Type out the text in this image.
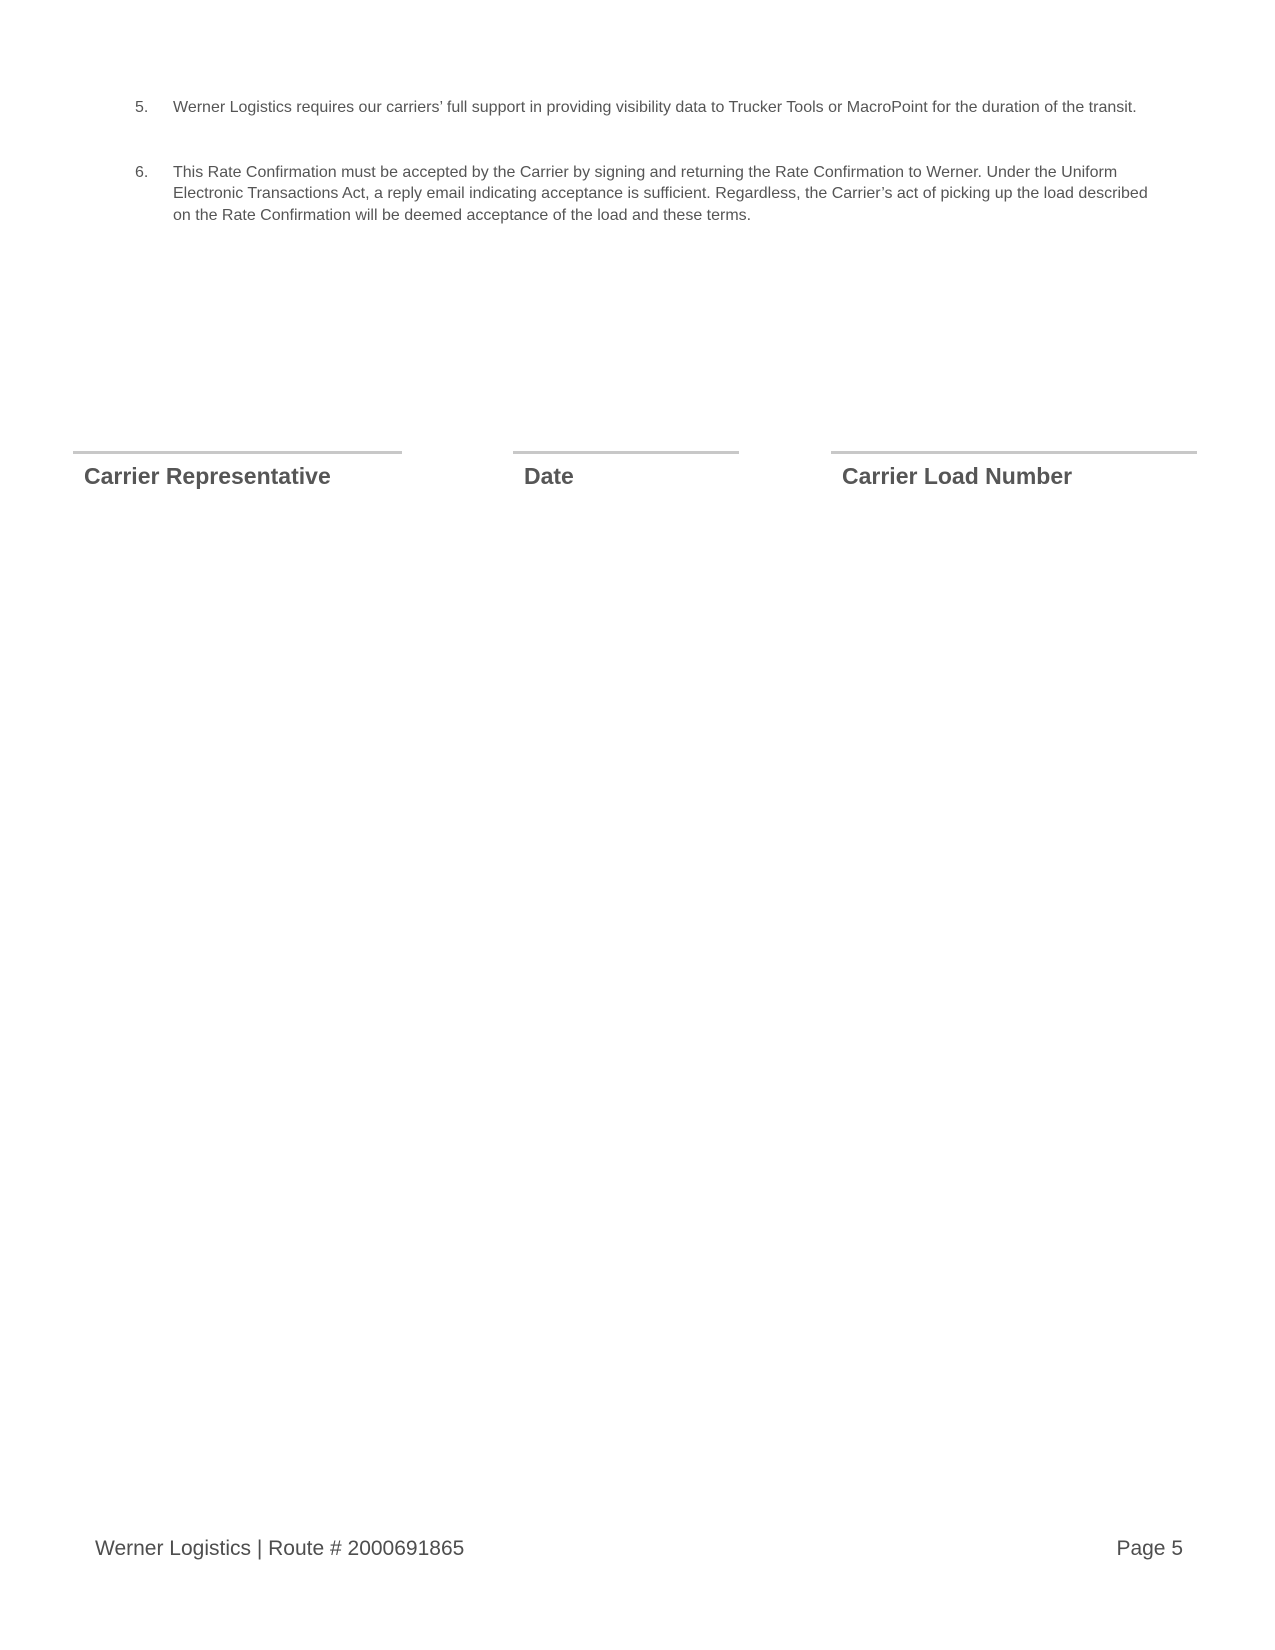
5.	Werner Logistics requires our carriers’ full support in providing visibility data to Trucker Tools or MacroPoint for the duration of the transit.
6.	This Rate Confirmation must be accepted by the Carrier by signing and returning the Rate Confirmation to Werner. Under the Uniform Electronic Transactions Act, a reply email indicating acceptance is sufficient. Regardless, the Carrier’s act of picking up the load described on the Rate Confirmation will be deemed acceptance of the load and these terms.
Carrier Representative	Date	Carrier Load Number
Werner Logistics | Route # 2000691865	Page 5
